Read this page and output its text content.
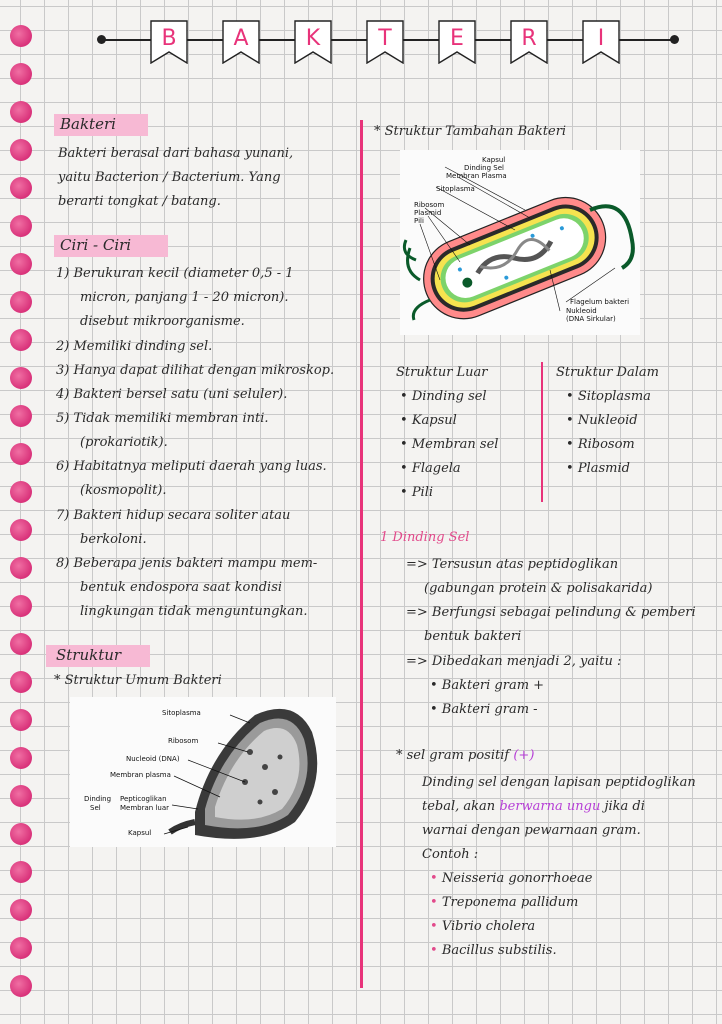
B	A	K	T	E	R	I
Bakteri
Bakteri berasal dari bahasa yunani,
yaitu Bacterion / Bacterium. Yang
berarti tongkat / batang.
Ciri - Ciri
1) Berukuran kecil (diameter 0,5 - 1
micron, panjang 1 - 20 micron).
disebut mikroorganisme.
2) Memiliki dinding sel.
3) Hanya dapat dilihat dengan mikroskop.
4) Bakteri bersel satu (uni seluler).
5) Tidak memiliki membran inti.
(prokariotik).
6) Habitatnya meliputi daerah yang luas.
(kosmopolit).
7) Bakteri hidup secara soliter atau
berkoloni.
8) Beberapa jenis bakteri mampu mem-
bentuk endospora saat kondisi
lingkungan tidak menguntungkan.
Struktur
* Struktur Umum Bakteri
Sitoplasma
Ribosom
Nucleoid (DNA)
Membran plasma
Dinding
Sel
Pepticoglikan
Membran luar
Kapsul
* Struktur Tambahan Bakteri
Kapsul
Dinding Sel
Membran Plasma
Sitoplasma
Ribosom
Plasmid
Pili
Flagelum bakteri
Nukleoid
(DNA Sirkular)
Struktur Luar
• Dinding sel
• Kapsul
• Membran sel
• Flagela
• Pili
Struktur Dalam
• Sitoplasma
• Nukleoid
• Ribosom
• Plasmid
1 Dinding Sel
=> Tersusun atas peptidoglikan
(gabungan protein & polisakarida)
=> Berfungsi sebagai pelindung & pemberi
bentuk bakteri
=> Dibedakan menjadi 2, yaitu :
• Bakteri gram +
• Bakteri gram -
* sel gram positif (+)
Dinding sel dengan lapisan peptidoglikan
tebal, akan berwarna ungu jika di
warnai dengan pewarnaan gram.
Contoh :
• Neisseria gonorrhoeae
• Treponema pallidum
• Vibrio cholera
• Bacillus substilis.
